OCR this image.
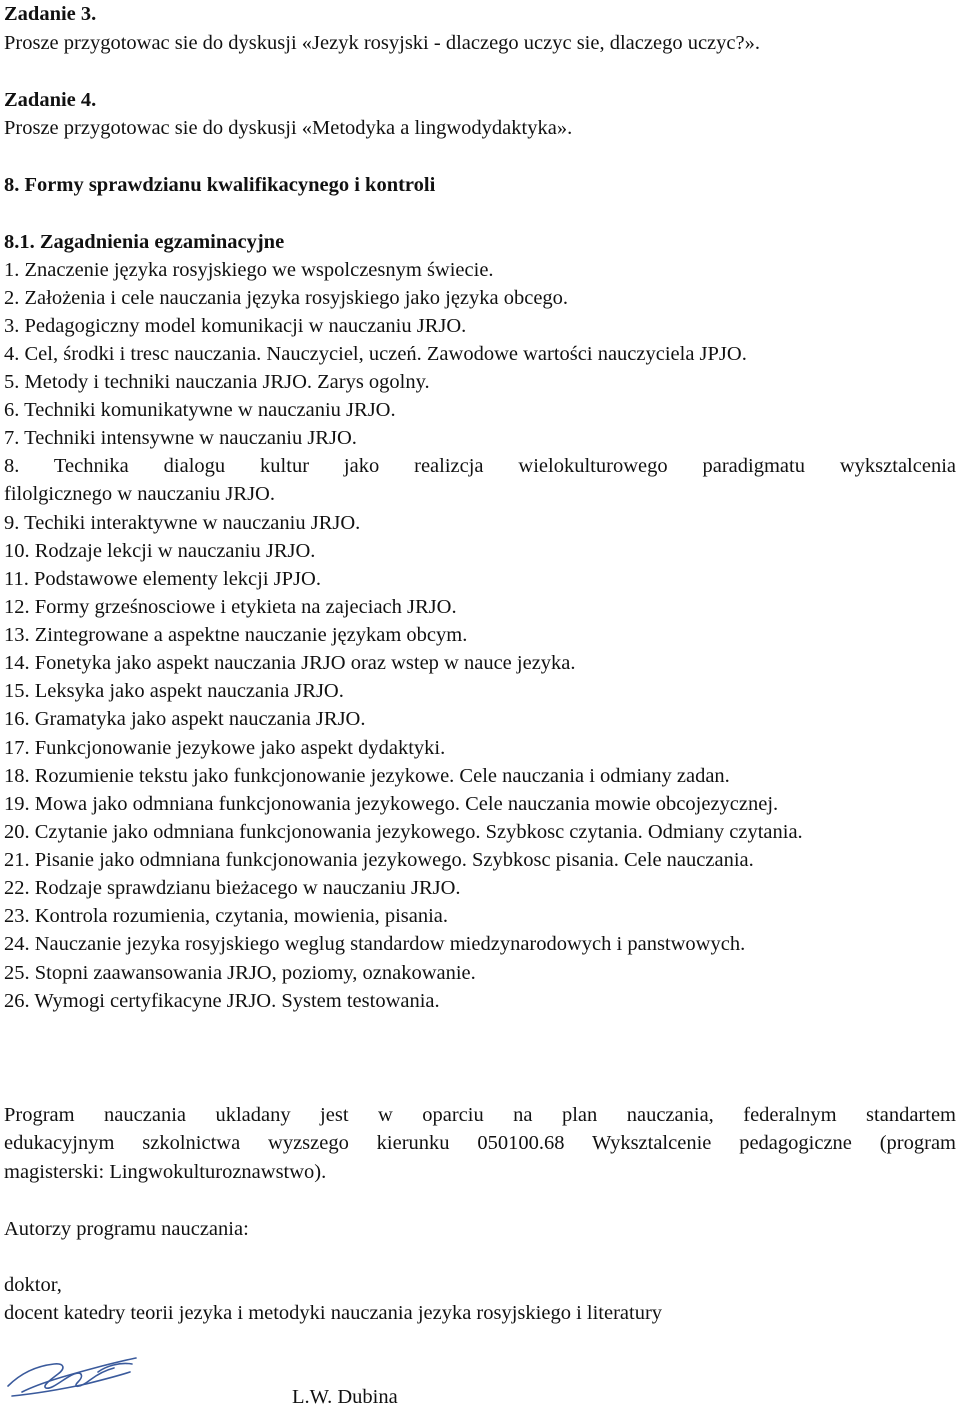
Zadanie 3.
Prosze przygotowac sie do dyskusji «Jezyk rosyjski - dlaczego uczyc sie, dlaczego uczyc?».
Zadanie 4.
Prosze przygotowac sie do dyskusji «Metodyka a lingwodydaktyka».
8. Formy sprawdzianu kwalifikacynego i kontroli
8.1. Zagadnienia egzaminacyjne
1. Znaczenie języka rosyjskiego we wspolczesnym świecie.
2. Założenia i cele nauczania języka rosyjskiego jako języka obcego.
3. Pedagogiczny model komunikacji w nauczaniu JRJO.
4. Cel, środki i tresc nauczania. Nauczyciel, uczeń. Zawodowe wartości nauczyciela JPJO.
5. Metody i techniki nauczania JRJO. Zarys ogolny.
6. Techniki komunikatywne w nauczaniu JRJO.
7. Techniki intensywne w nauczaniu JRJO.
8. Technika dialogu kultur jako realizcja wielokulturowego paradigmatu wyksztalcenia
filolgicznego w nauczaniu JRJO.
9. Techiki interaktywne w nauczaniu JRJO.
10. Rodzaje lekcji w nauczaniu JRJO.
11. Podstawowe elementy lekcji JPJO.
12. Formy grześnosciowe i etykieta na zajeciach JRJO.
13. Zintegrowane a aspektne nauczanie językam obcym.
14. Fonetyka jako aspekt nauczania JRJO oraz wstep w nauce jezyka.
15. Leksyka jako aspekt nauczania JRJO.
16. Gramatyka jako aspekt nauczania JRJO.
17. Funkcjonowanie jezykowe jako aspekt dydaktyki.
18. Rozumienie tekstu jako funkcjonowanie jezykowe. Cele nauczania i odmiany zadan.
19. Mowa jako odmniana funkcjonowania jezykowego. Cele nauczania mowie obcojezycznej.
20. Czytanie jako odmniana funkcjonowania jezykowego. Szybkosc czytania. Odmiany czytania.
21. Pisanie jako odmniana funkcjonowania jezykowego. Szybkosc pisania. Cele nauczania.
22. Rodzaje sprawdzianu bieżacego w nauczaniu JRJO.
23. Kontrola rozumienia, czytania, mowienia, pisania.
24. Nauczanie jezyka rosyjskiego weglug standardow miedzynarodowych i panstwowych.
25. Stopni zaawansowania JRJO, poziomy, oznakowanie.
26. Wymogi certyfikacyne JRJO. System testowania.
Program nauczania ukladany jest w oparciu na plan nauczania, federalnym standartem
edukacyjnym szkolnictwa wyzszego kierunku 050100.68 Wyksztalcenie pedagogiczne (program
magisterski: Lingwokulturoznawstwo).
Autorzy programu nauczania:
doktor,
docent katedry teorii jezyka i metodyki nauczania jezyka rosyjskiego i literatury
L.W. Dubina
